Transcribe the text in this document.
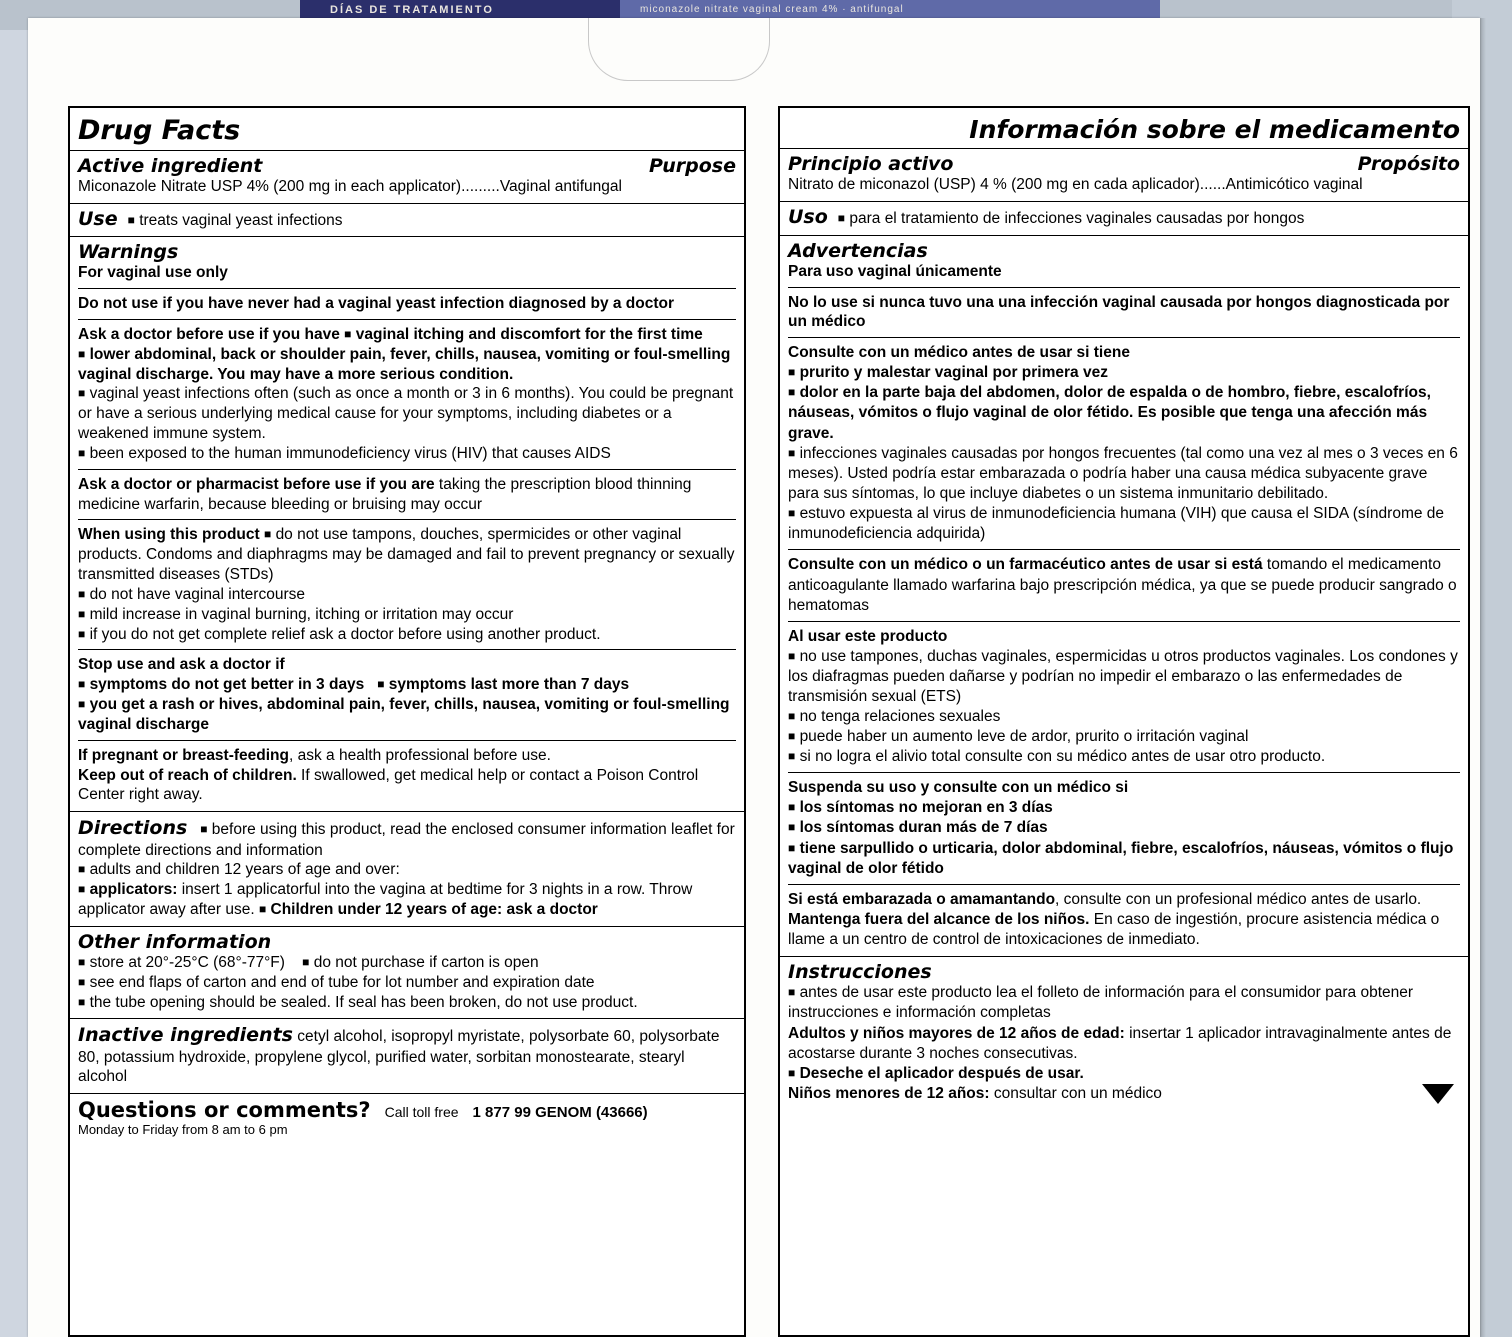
DÍAS DE TRATAMIENTO	miconazole nitrate vaginal cream 4% · antifungal
Drug Facts
Active ingredient	Purpose
Miconazole Nitrate USP 4% (200 mg in each applicator).........Vaginal antifungal
Use ■ treats vaginal yeast infections
Warnings
For vaginal use only
Do not use if you have never had a vaginal yeast infection diagnosed by a doctor
Ask a doctor before use if you have ■ vaginal itching and discomfort for the first time
■ lower abdominal, back or shoulder pain, fever, chills, nausea, vomiting or foul-smelling vaginal discharge. You may have a more serious condition.
■ vaginal yeast infections often (such as once a month or 3 in 6 months). You could be pregnant or have a serious underlying medical cause for your symptoms, including diabetes or a weakened immune system.
■ been exposed to the human immunodeficiency virus (HIV) that causes AIDS
Ask a doctor or pharmacist before use if you are taking the prescription blood thinning medicine warfarin, because bleeding or bruising may occur
When using this product ■ do not use tampons, douches, spermicides or other vaginal products. Condoms and diaphragms may be damaged and fail to prevent pregnancy or sexually transmitted diseases (STDs)
■ do not have vaginal intercourse
■ mild increase in vaginal burning, itching or irritation may occur
■ if you do not get complete relief ask a doctor before using another product.
Stop use and ask a doctor if
■ symptoms do not get better in 3 days ■ symptoms last more than 7 days
■ you get a rash or hives, abdominal pain, fever, chills, nausea, vomiting or foul-smelling vaginal discharge
If pregnant or breast-feeding, ask a health professional before use.
Keep out of reach of children. If swallowed, get medical help or contact a Poison Control Center right away.
Directions ■ before using this product, read the enclosed consumer information leaflet for complete directions and information
■ adults and children 12 years of age and over:
■ applicators: insert 1 applicatorful into the vagina at bedtime for 3 nights in a row. Throw applicator away after use. ■ Children under 12 years of age: ask a doctor
Other information
■ store at 20°-25°C (68°-77°F) ■ do not purchase if carton is open
■ see end flaps of carton and end of tube for lot number and expiration date
■ the tube opening should be sealed. If seal has been broken, do not use product.
Inactive ingredients cetyl alcohol, isopropyl myristate, polysorbate 60, polysorbate 80, potassium hydroxide, propylene glycol, purified water, sorbitan monostearate, stearyl alcohol
Questions or comments? Call toll free 1 877 99 GENOM (43666)
Monday to Friday from 8 am to 6 pm
Información sobre el medicamento
Principio activo	Propósito
Nitrato de miconazol (USP) 4 % (200 mg en cada aplicador)......Antimicótico vaginal
Uso ■ para el tratamiento de infecciones vaginales causadas por hongos
Advertencias
Para uso vaginal únicamente
No lo use si nunca tuvo una una infección vaginal causada por hongos diagnosticada por un médico
Consulte con un médico antes de usar si tiene
■ prurito y malestar vaginal por primera vez
■ dolor en la parte baja del abdomen, dolor de espalda o de hombro, fiebre, escalofríos, náuseas, vómitos o flujo vaginal de olor fétido. Es posible que tenga una afección más grave.
■ infecciones vaginales causadas por hongos frecuentes (tal como una vez al mes o 3 veces en 6 meses). Usted podría estar embarazada o podría haber una causa médica subyacente grave para sus síntomas, lo que incluye diabetes o un sistema inmunitario debilitado.
■ estuvo expuesta al virus de inmunodeficiencia humana (VIH) que causa el SIDA (síndrome de inmunodeficiencia adquirida)
Consulte con un médico o un farmacéutico antes de usar si está tomando el medicamento anticoagulante llamado warfarina bajo prescripción médica, ya que se puede producir sangrado o hematomas
Al usar este producto
■ no use tampones, duchas vaginales, espermicidas u otros productos vaginales. Los condones y los diafragmas pueden dañarse y podrían no impedir el embarazo o las enfermedades de transmisión sexual (ETS)
■ no tenga relaciones sexuales
■ puede haber un aumento leve de ardor, prurito o irritación vaginal
■ si no logra el alivio total consulte con su médico antes de usar otro producto.
Suspenda su uso y consulte con un médico si
■ los síntomas no mejoran en 3 días
■ los síntomas duran más de 7 días
■ tiene sarpullido o urticaria, dolor abdominal, fiebre, escalofríos, náuseas, vómitos o flujo vaginal de olor fétido
Si está embarazada o amamantando, consulte con un profesional médico antes de usarlo.
Mantenga fuera del alcance de los niños. En caso de ingestión, procure asistencia médica o llame a un centro de control de intoxicaciones de inmediato.
Instrucciones
■ antes de usar este producto lea el folleto de información para el consumidor para obtener instrucciones e información completas
Adultos y niños mayores de 12 años de edad: insertar 1 aplicador intravaginalmente antes de acostarse durante 3 noches consecutivas.
■ Deseche el aplicador después de usar.
Niños menores de 12 años: consultar con un médico
